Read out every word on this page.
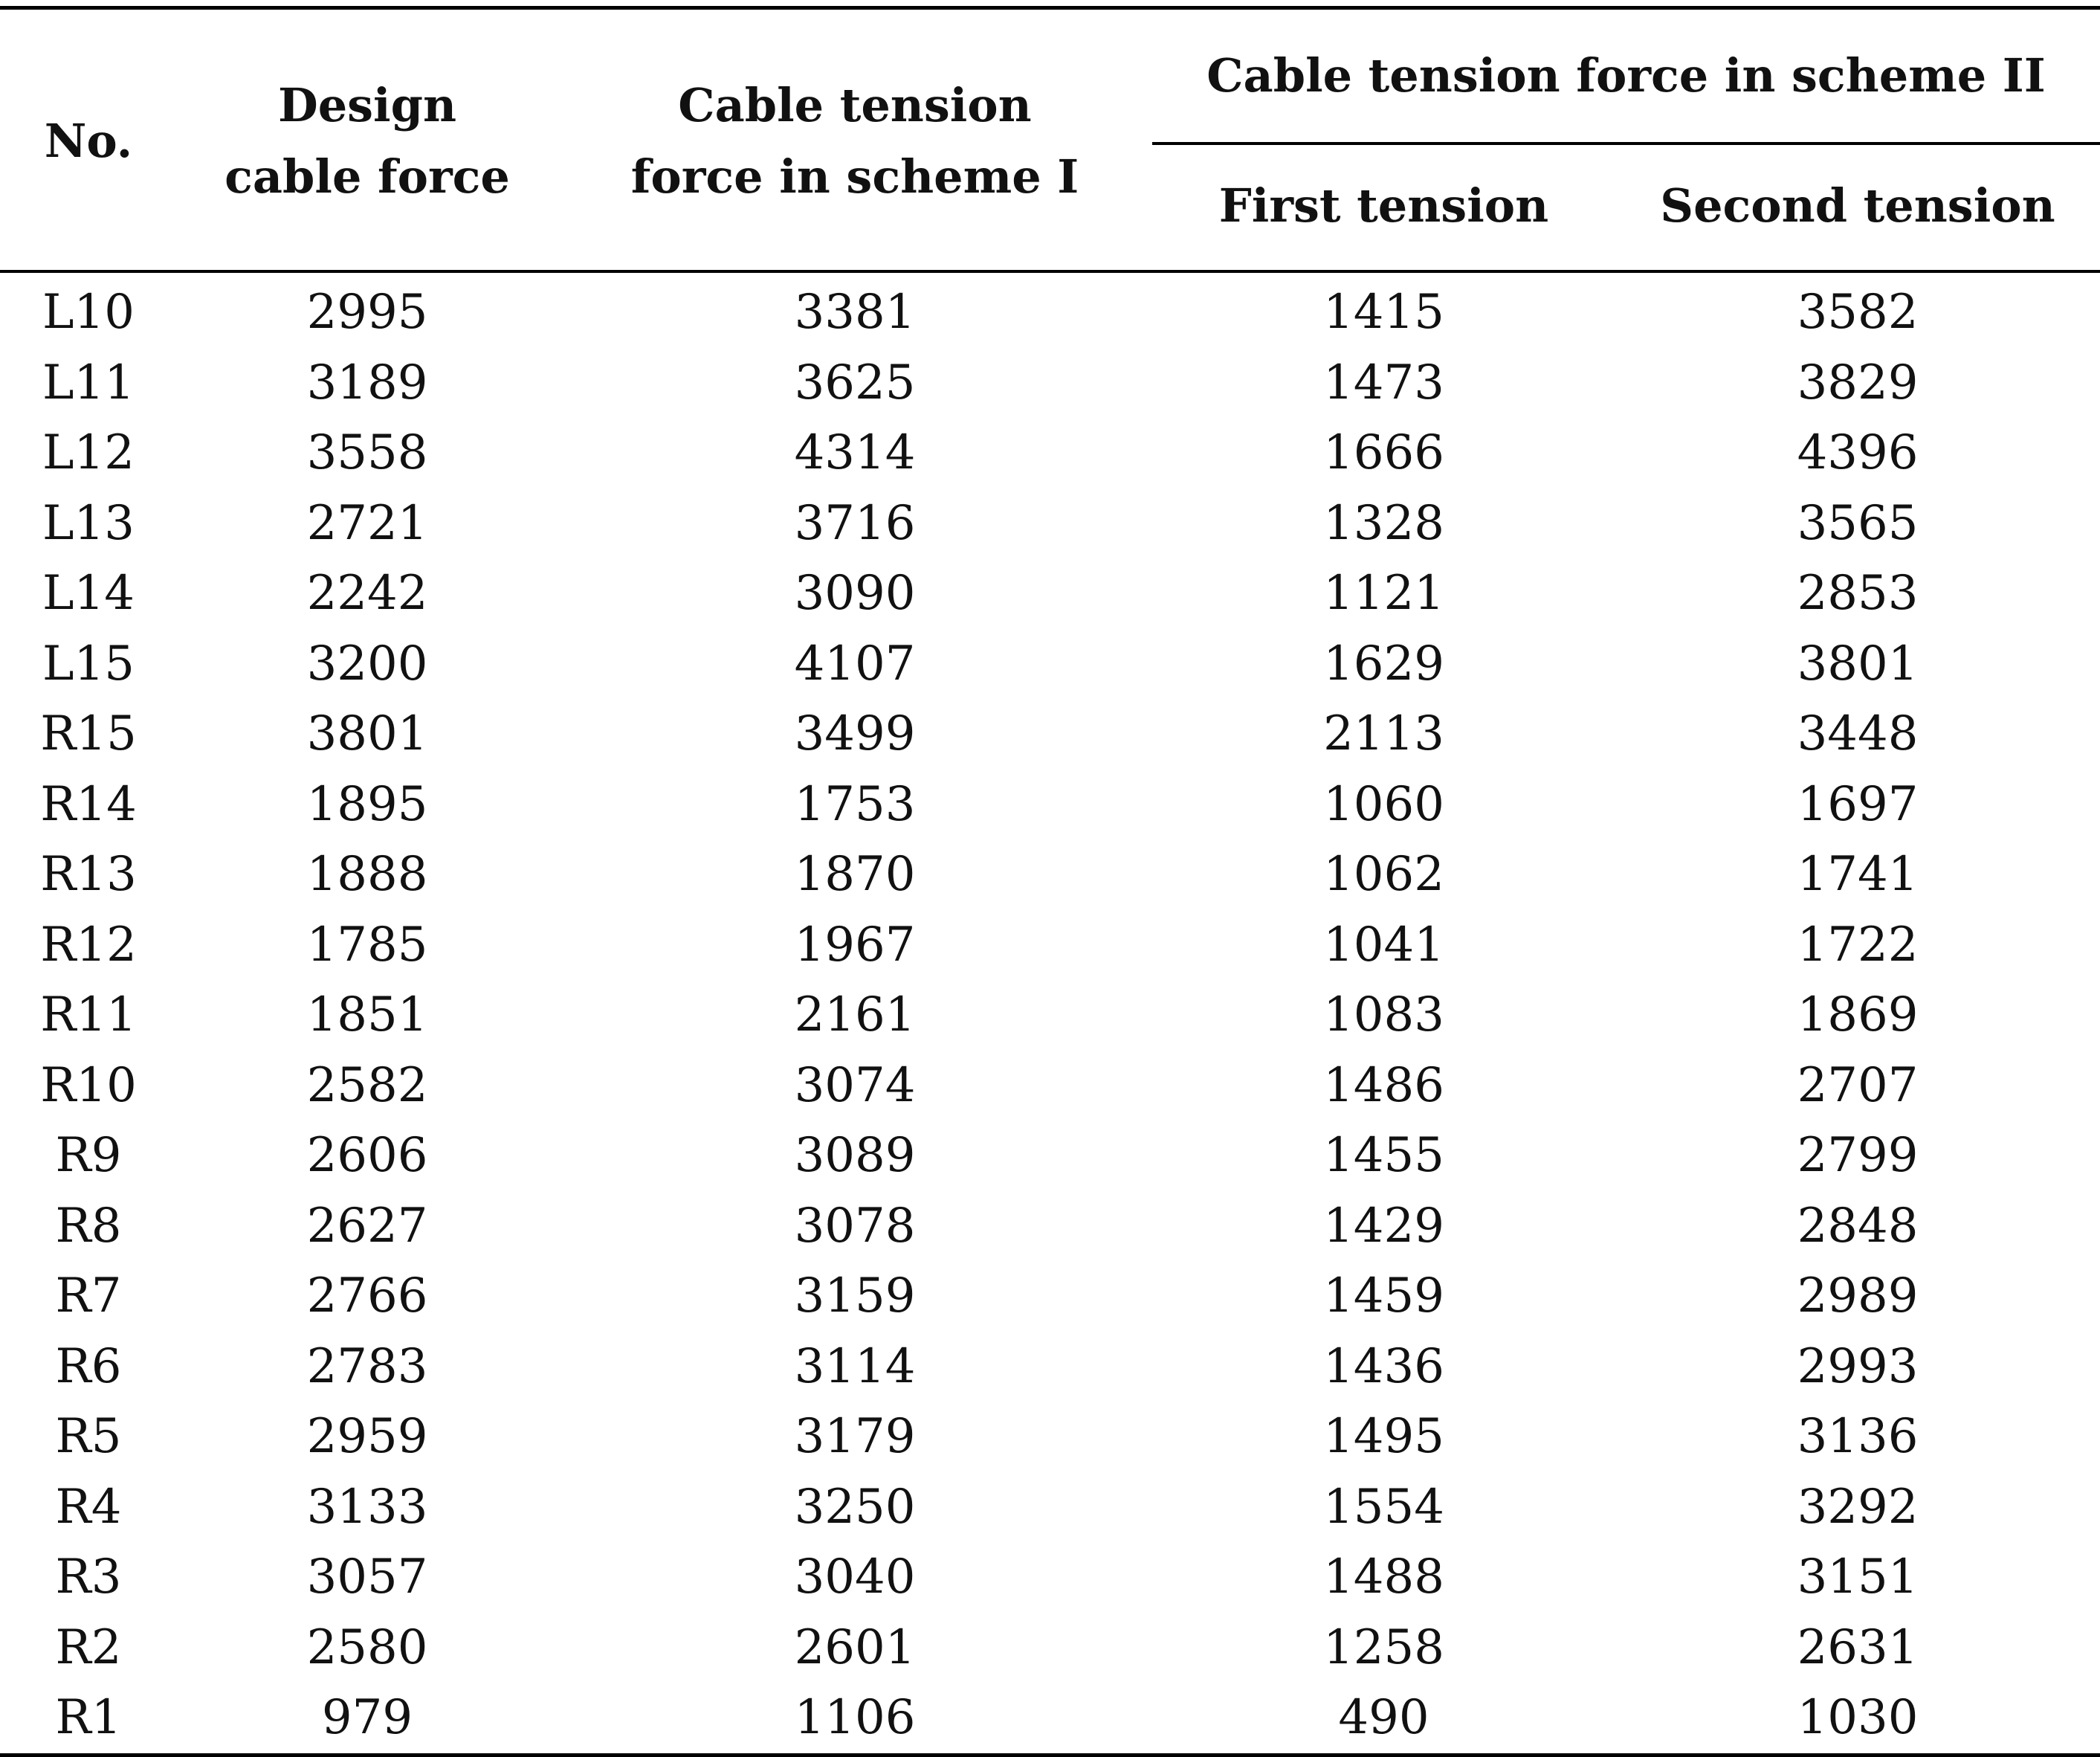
No.	Design cable force	Cable tension force in scheme I	Cable tension force in scheme II	
			First tension	Second tension
L10	2995	3381	1415	3582
L11	3189	3625	1473	3829
L12	3558	4314	1666	4396
L13	2721	3716	1328	3565
L14	2242	3090	1121	2853
L15	3200	4107	1629	3801
R15	3801	3499	2113	3448
R14	1895	1753	1060	1697
R13	1888	1870	1062	1741
R12	1785	1967	1041	1722
R11	1851	2161	1083	1869
R10	2582	3074	1486	2707
R9	2606	3089	1455	2799
R8	2627	3078	1429	2848
R7	2766	3159	1459	2989
R6	2783	3114	1436	2993
R5	2959	3179	1495	3136
R4	3133	3250	1554	3292
R3	3057	3040	1488	3151
R2	2580	2601	1258	2631
R1	979	1106	490	1030
